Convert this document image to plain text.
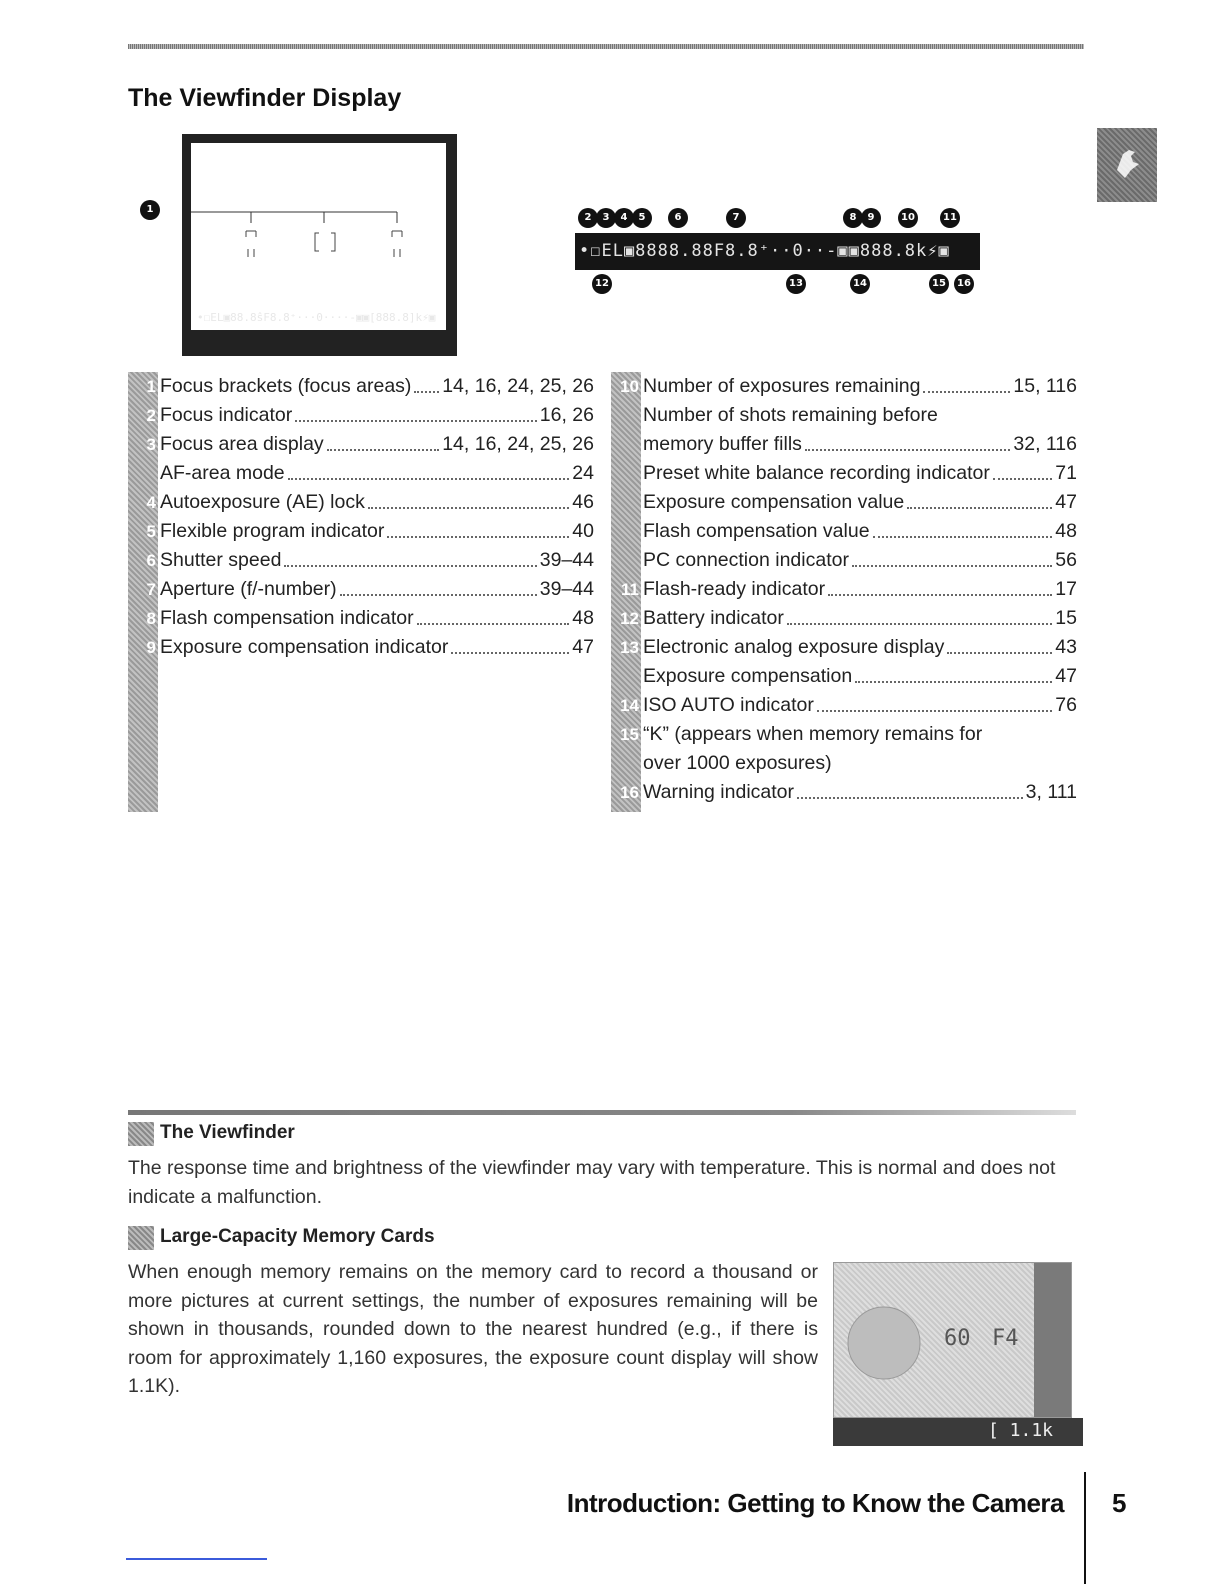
The Viewfinder Display
•☐EL▣88.8ŝF8.8⁺···0····-▣▣[888.8]k⚡▣
1
•☐EL▣8888.88F8.8⁺··0··-▣▣888.8k⚡▣
2	3	4	5	6	7	8	9	10	11
12	13	14	15	16
1 Focus brackets (focus areas) 14, 16, 24, 25, 26
2 Focus indicator	16, 26
3 Focus area display	14, 16, 24, 25, 26
AF-area mode	24
4 Autoexposure (AE) lock	46
5 Flexible program indicator	40
6 Shutter speed	39–44
7 Aperture (f/-number)	39–44
8 Flash compensation indicator	48
9 Exposure compensation indicator	47
10 Number of exposures remaining	15, 116
Number of shots remaining before
memory buffer fills	32, 116
Preset white balance recording indicator	71
Exposure compensation value	47
Flash compensation value	48
PC connection indicator	56
11 Flash-ready indicator	17
12 Battery indicator	15
13 Electronic analog exposure display	43
Exposure compensation	47
14 ISO AUTO indicator	76
15 “K” (appears when memory remains for
over 1000 exposures)
16 Warning indicator	3, 111
The Viewfinder
The response time and brightness of the viewfinder may vary with temperature. This is normal and does not indicate a malfunction.
Large-Capacity Memory Cards
When enough memory remains on the memory card to record a thousand or more pictures at current settings, the number of exposures remaining will be shown in thousands, rounded down to the nearest hundred (e.g., if there is room for approximately 1,160 exposures, the exposure count display will show 1.1K).
60 F4
[ 1.1k
Introduction: Getting to Know the Camera 5
